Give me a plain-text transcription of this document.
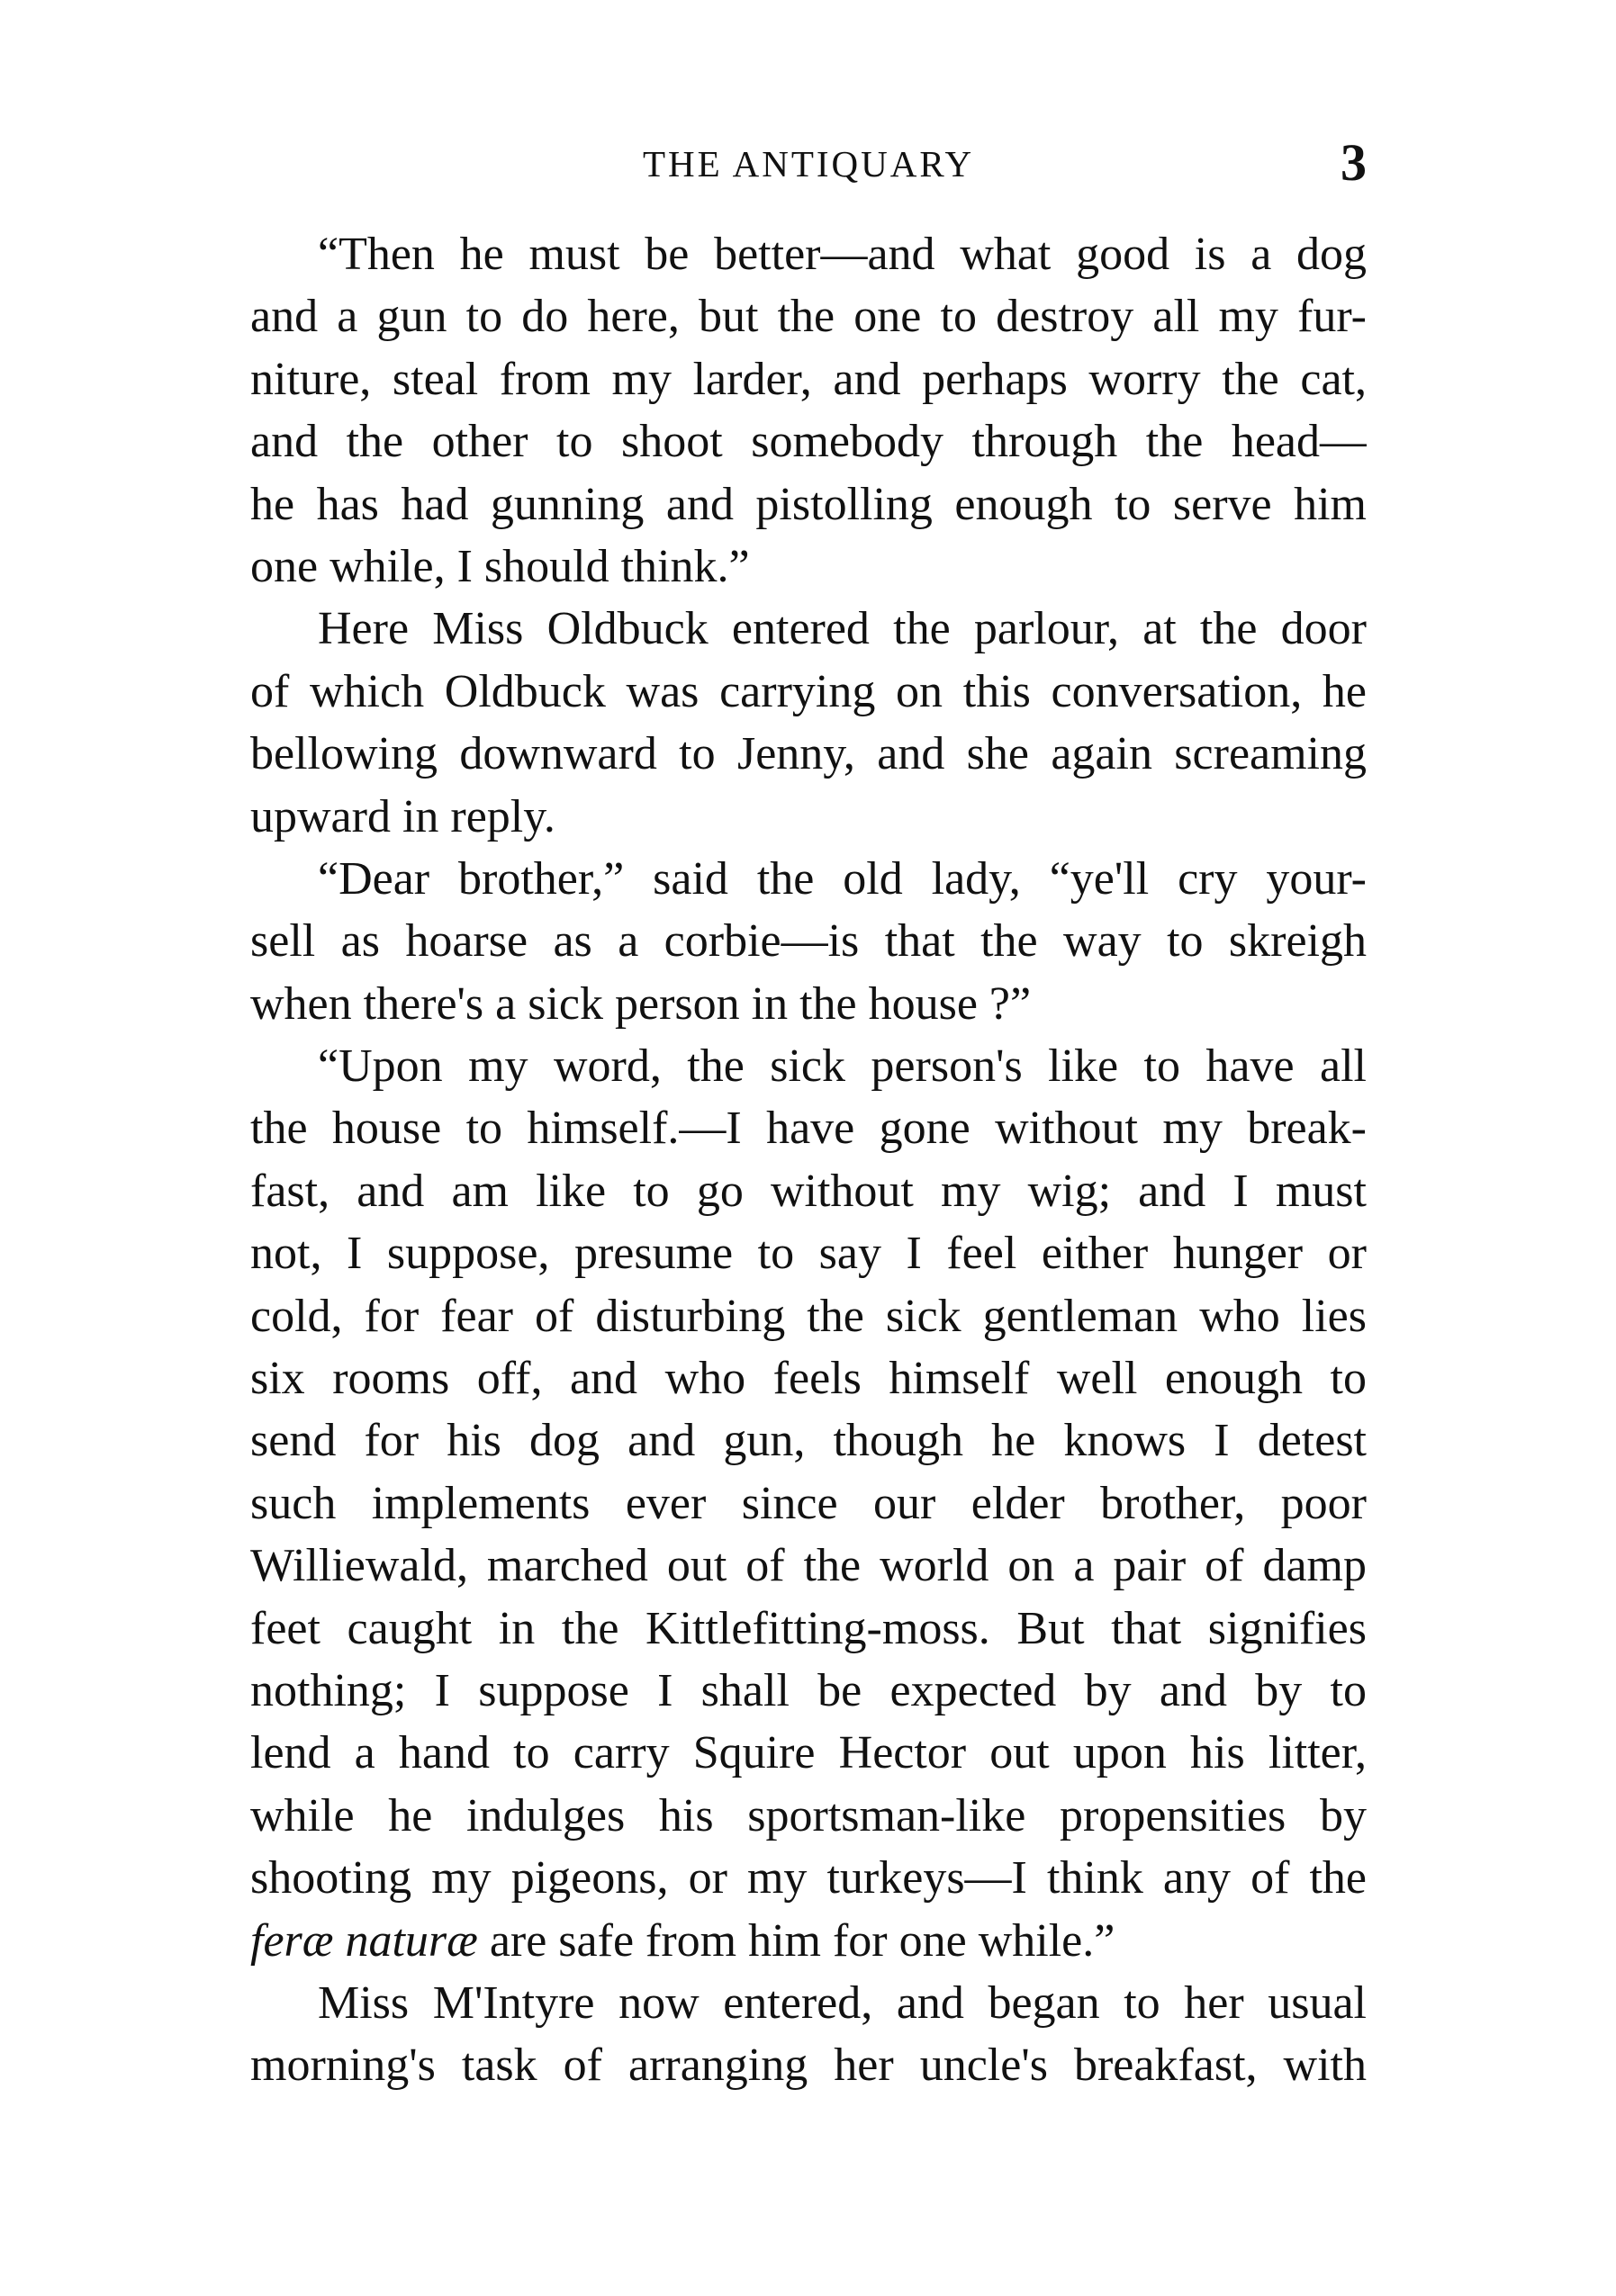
THE ANTIQUARY	3
“Then he must be better—and what good is a dog
and a gun to do here, but the one to destroy all my fur-
niture, steal from my larder, and perhaps worry the cat,
and the other to shoot somebody through the head—
he has had gunning and pistolling enough to serve him
one while, I should think.”
Here Miss Oldbuck entered the parlour, at the door
of which Oldbuck was carrying on this conversation, he
bellowing downward to Jenny, and she again screaming
upward in reply.
“Dear brother,” said the old lady, “ye'll cry your-
sell as hoarse as a corbie—is that the way to skreigh
when there's a sick person in the house ?”
“Upon my word, the sick person's like to have all
the house to himself.—I have gone without my break-
fast, and am like to go without my wig; and I must
not, I suppose, presume to say I feel either hunger or
cold, for fear of disturbing the sick gentleman who lies
six rooms off, and who feels himself well enough to
send for his dog and gun, though he knows I detest
such implements ever since our elder brother, poor
Williewald, marched out of the world on a pair of damp
feet caught in the Kittlefitting-moss. But that signifies
nothing; I suppose I shall be expected by and by to
lend a hand to carry Squire Hector out upon his litter,
while he indulges his sportsman-like propensities by
shooting my pigeons, or my turkeys—I think any of the
feræ naturæ are safe from him for one while.”
Miss M'Intyre now entered, and began to her usual
morning's task of arranging her uncle's breakfast, with
